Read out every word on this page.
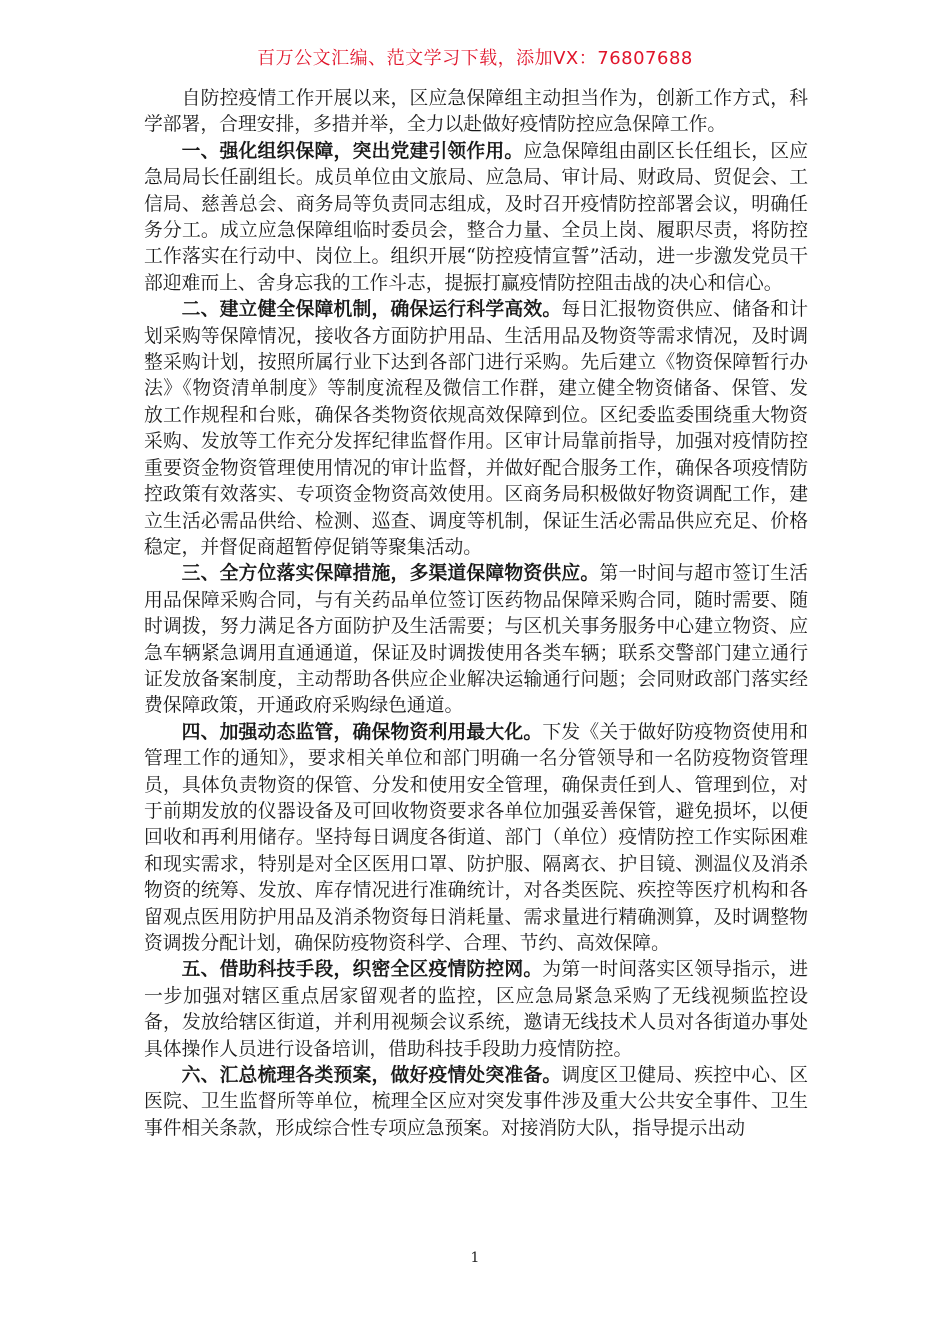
百万公文汇编、范文学习下载，添加VX：76807688

自防控疫情工作开展以来，区应急保障组主动担当作为，创新工作方式，科学部署，合理安排，多措并举，全力以赴做好疫情防控应急保障工作。

一、强化组织保障，突出党建引领作用。应急保障组由副区长任组长，区应急局局长任副组长。成员单位由文旅局、应急局、审计局、财政局、贸促会、工信局、慈善总会、商务局等负责同志组成，及时召开疫情防控部署会议，明确任务分工。成立应急保障组临时委员会，整合力量、全员上岗、履职尽责，将防控工作落实在行动中、岗位上。组织开展“防控疫情宣誓”活动，进一步激发党员干部迎难而上、舍身忘我的工作斗志，提振打赢疫情防控阻击战的决心和信心。

二、建立健全保障机制，确保运行科学高效。每日汇报物资供应、储备和计划采购等保障情况，接收各方面防护用品、生活用品及物资等需求情况，及时调整采购计划，按照所属行业下达到各部门进行采购。先后建立《物资保障暂行办法》《物资清单制度》等制度流程及微信工作群，建立健全物资储备、保管、发放工作规程和台账，确保各类物资依规高效保障到位。区纪委监委围绕重大物资采购、发放等工作充分发挥纪律监督作用。区审计局靠前指导，加强对疫情防控重要资金物资管理使用情况的审计监督，并做好配合服务工作，确保各项疫情防控政策有效落实、专项资金物资高效使用。区商务局积极做好物资调配工作，建立生活必需品供给、检测、巡查、调度等机制，保证生活必需品供应充足、价格稳定，并督促商超暂停促销等聚集活动。

三、全方位落实保障措施，多渠道保障物资供应。第一时间与超市签订生活用品保障采购合同，与有关药品单位签订医药物品保障采购合同，随时需要、随时调拨，努力满足各方面防护及生活需要；与区机关事务服务中心建立物资、应急车辆紧急调用直通通道，保证及时调拨使用各类车辆；联系交警部门建立通行证发放备案制度，主动帮助各供应企业解决运输通行问题；会同财政部门落实经费保障政策，开通政府采购绿色通道。

四、加强动态监管，确保物资利用最大化。下发《关于做好防疫物资使用和管理工作的通知》，要求相关单位和部门明确一名分管领导和一名防疫物资管理员，具体负责物资的保管、分发和使用安全管理，确保责任到人、管理到位，对于前期发放的仪器设备及可回收物资要求各单位加强妥善保管，避免损坏，以便回收和再利用储存。坚持每日调度各街道、部门（单位）疫情防控工作实际困难和现实需求，特别是对全区医用口罩、防护服、隔离衣、护目镜、测温仪及消杀物资的统筹、发放、库存情况进行准确统计，对各类医院、疾控等医疗机构和各留观点医用防护用品及消杀物资每日消耗量、需求量进行精确测算，及时调整物资调拨分配计划，确保防疫物资科学、合理、节约、高效保障。

五、借助科技手段，织密全区疫情防控网。为第一时间落实区领导指示，进一步加强对辖区重点居家留观者的监控，区应急局紧急采购了无线视频监控设备，发放给辖区街道，并利用视频会议系统，邀请无线技术人员对各街道办事处具体操作人员进行设备培训，借助科技手段助力疫情防控。

六、汇总梳理各类预案，做好疫情处突准备。调度区卫健局、疾控中心、区医院、卫生监督所等单位，梳理全区应对突发事件涉及重大公共安全事件、卫生事件相关条款，形成综合性专项应急预案。对接消防大队，指导提示出动

1
